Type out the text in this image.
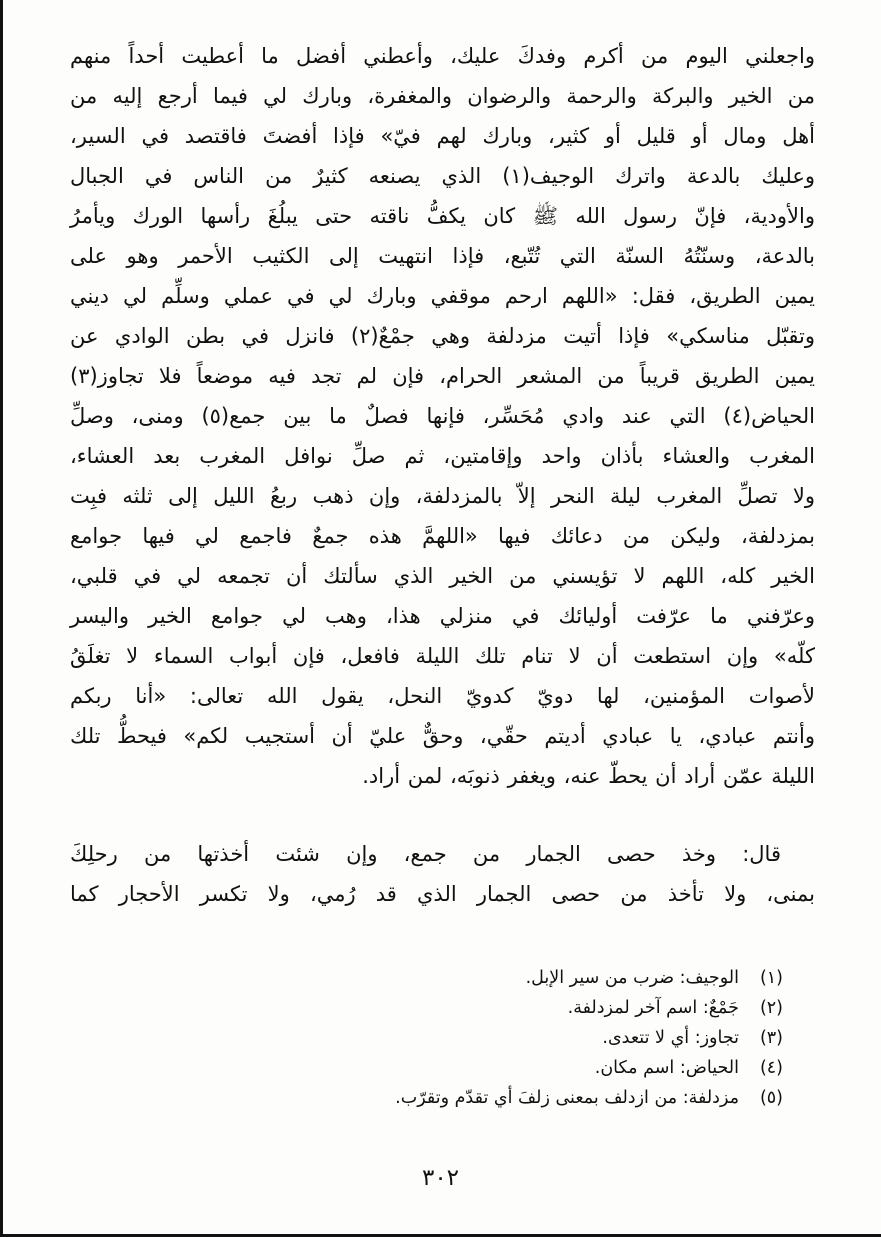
واجعلني اليوم من أكرم وفدكَ عليك، وأعطني أفضل ما أعطيت أحداً منهم
من الخير والبركة والرحمة والرضوان والمغفرة، وبارك لي فيما أرجع إليه من
أهل ومال أو قليل أو كثير، وبارك لهم فيّ» فإذا أفضتَ فاقتصد في السير،
وعليك بالدعة واترك الوجيف(١) الذي يصنعه كثيرٌ من الناس في الجبال
والأودية، فإنّ رسول الله ﷺ كان يكفُّ ناقته حتى يبلُغَ رأسها الورك ويأمرُ
بالدعة، وسنّتُهُ السنّة التي تُتّبع، فإذا انتهيت إلى الكثيب الأحمر وهو على
يمين الطريق، فقل: «اللهم ارحم موقفي وبارك لي في عملي وسلِّم لي ديني
وتقبّل مناسكي» فإذا أتيت مزدلفة وهي جمْعٌ(٢) فانزل في بطن الوادي عن
يمين الطريق قريباً من المشعر الحرام، فإن لم تجد فيه موضعاً فلا تجاوز(٣)
الحياض(٤) التي عند وادي مُحَسِّر، فإنها فصلٌ ما بين جمع(٥) ومنى، وصلِّ
المغرب والعشاء بأذان واحد وإقامتين، ثم صلِّ نوافل المغرب بعد العشاء،
ولا تصلِّ المغرب ليلة النحر إلاّ بالمزدلفة، وإن ذهب ربعُ الليل إلى ثلثه فبِت
بمزدلفة، وليكن من دعائك فيها «اللهمَّ هذه جمعٌ فاجمع لي فيها جوامع
الخير كله، اللهم لا تؤيسني من الخير الذي سألتك أن تجمعه لي في قلبي،
وعرّفني ما عرّفت أوليائك في منزلي هذا، وهب لي جوامع الخير واليسر
كلّه» وإن استطعت أن لا تنام تلك الليلة فافعل، فإن أبواب السماء لا تغلَقُ
لأصوات المؤمنين، لها دويّ كدويّ النحل، يقول الله تعالى: «أنا ربكم
وأنتم عبادي، يا عبادي أديتم حقّي، وحقٌّ عليّ أن أستجيب لكم» فيحطُّ تلك
الليلة عمّن أراد أن يحطّ عنه، ويغفر ذنوبَه، لمن أراد.

قال: وخذ حصى الجمار من جمع، وإن شئت أخذتها من رحلِكَ
بمنى، ولا تأخذ من حصى الجمار الذي قد رُمي، ولا تكسر الأحجار كما

(١)
الوجيف: ضرب من سير الإبل.
(٢)
جَمْعٌ: اسم آخر لمزدلفة.
(٣)
تجاوز: أي لا تتعدى.
(٤)
الحياض: اسم مكان.
(٥)
مزدلفة: من ازدلف بمعنى زلفَ أي تقدّم وتقرّب.
٣٠٢
